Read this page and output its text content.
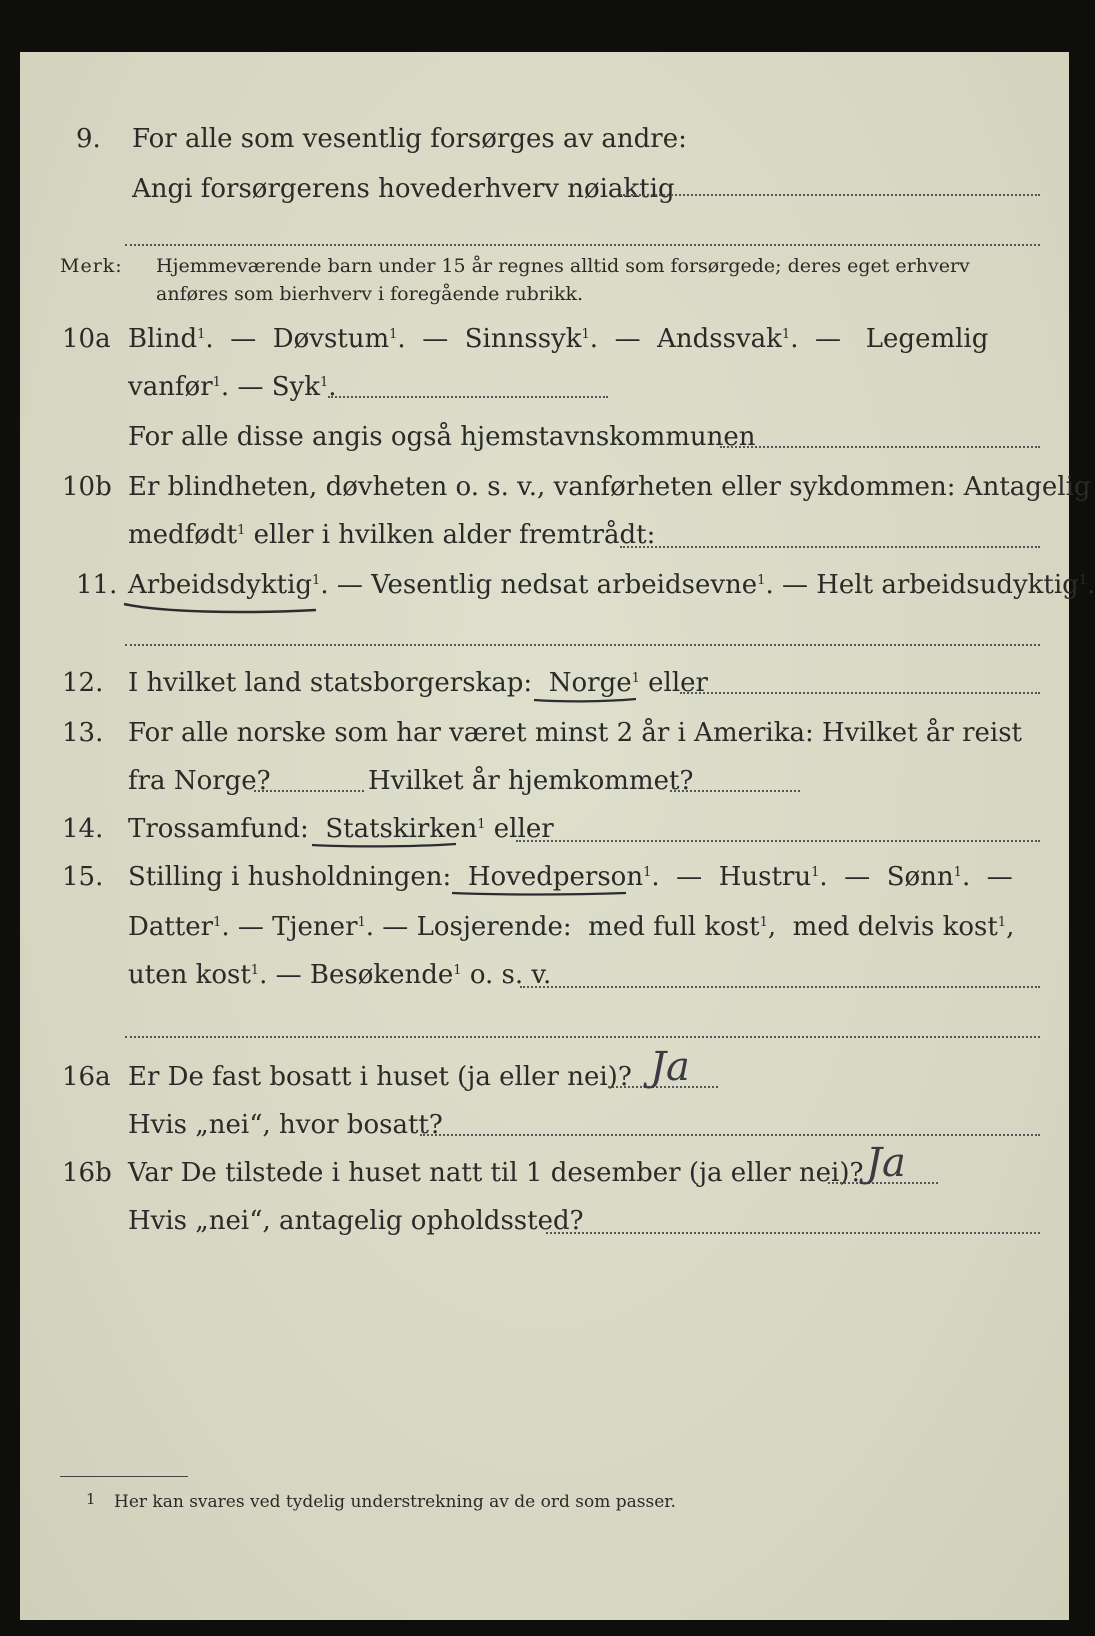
9. For alle som vesentlig forsørges av andre:
Angi forsørgerens hovederhverv nøiaktig
Merk: Hjemmeværende barn under 15 år regnes alltid som forsørgede; deres eget erhverv
anføres som bierhverv i foregående rubrikk.
10a Blind$^1$.  —  Døvstum$^1$.  —  Sinnssyk$^1$.  —  Andssvak$^1$.  —   Legemlig
vanfør$^1$. — Syk$^1$.
For alle disse angis også hjemstavnskommunen
10b Er blindheten, døvheten o. s. v., vanførheten eller sykdommen: Antagelig
medfødt$^1$ eller i hvilken alder fremtrådt:
11. Arbeidsdyktig$^1$. — Vesentlig nedsat arbeidsevne$^1$. — Helt arbeidsudyktig$^1$.
12. I hvilket land statsborgerskap: Norge$^1$ eller
13. For alle norske som har været minst 2 år i Amerika: Hvilket år reist
fra Norge?	Hvilket år hjemkommet?
14. Trossamfund: Statskirken$^1$ eller
15. Stilling i husholdningen: Hovedperson$^1$.  —  Hustru$^1$.  —  Sønn$^1$.  —
Datter$^1$. — Tjener$^1$. — Losjerende: med full kost$^1$,  med delvis kost$^1$,
uten kost$^1$. — Besøkende$^1$ o. s. v.
16a Er De fast bosatt i huset (ja eller nei)? Ja
Hvis „nei“, hvor bosatt?
16b Var De tilstede i huset natt til 1 desember (ja eller nei)? Ja
Hvis „nei“, antagelig opholdssted?
1 Her kan svares ved tydelig understrekning av de ord som passer.
